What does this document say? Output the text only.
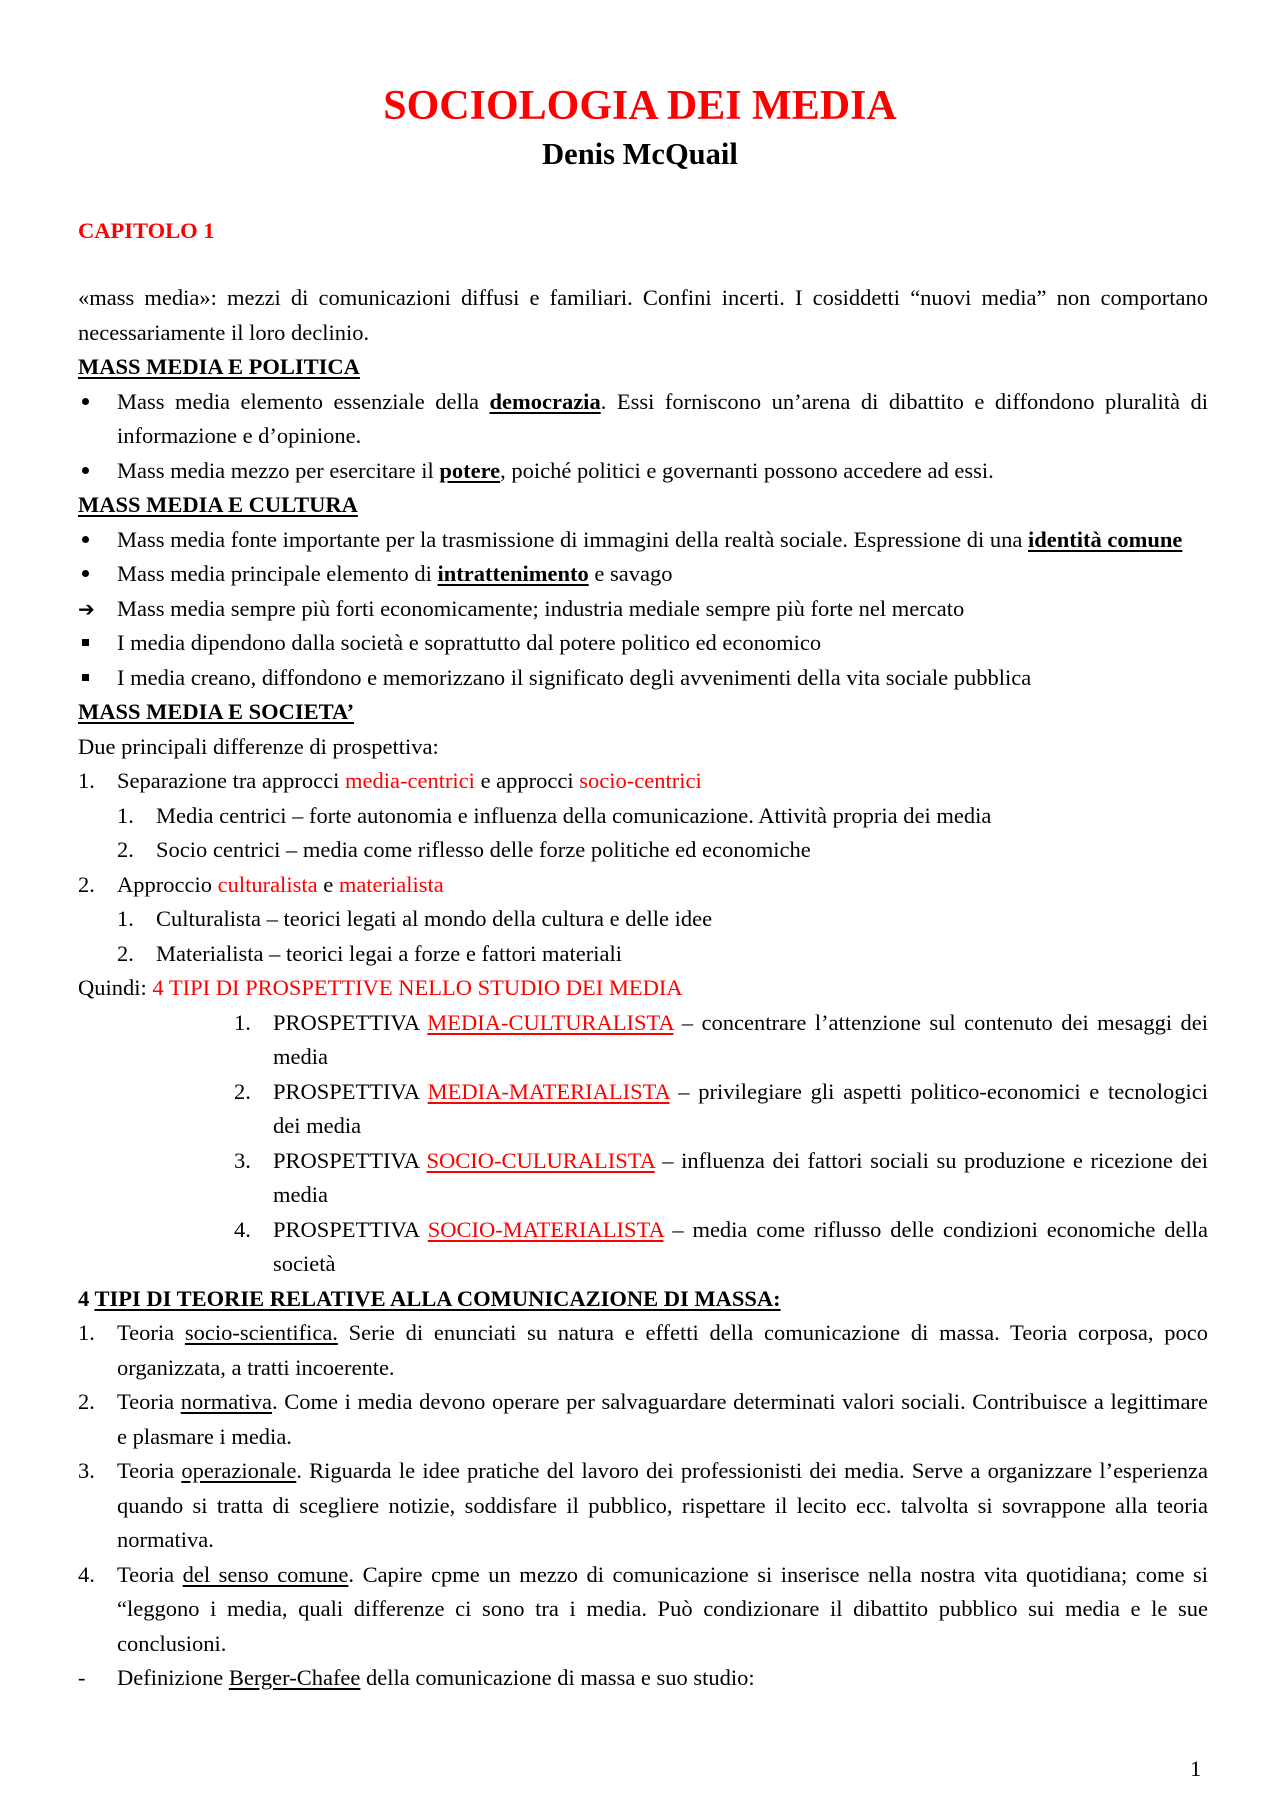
SOCIOLOGIA DEI MEDIA
Denis McQuail
CAPITOLO 1

«mass media»: mezzi di comunicazioni diffusi e familiari. Confini incerti. I cosiddetti “nuovi media” non comportano necessariamente il loro declinio.

MASS MEDIA E POLITICA

Mass media elemento essenziale della democrazia. Essi forniscono un’arena di dibattito e diffondono pluralità di informazione e d’opinione.
Mass media mezzo per esercitare il potere, poiché politici e governanti possono accedere ad essi.

MASS MEDIA E CULTURA

Mass media fonte importante per la trasmissione di immagini della realtà sociale. Espressione di una identità comune
Mass media principale elemento di intrattenimento e savago
➔ Mass media sempre più forti economicamente; industria mediale sempre più forte nel mercato
I media dipendono dalla società e soprattutto dal potere politico ed economico
I media creano, diffondono e memorizzano il significato degli avvenimenti della vita sociale pubblica

MASS MEDIA E SOCIETA’

Due principali differenze di prospettiva:

1. Separazione tra approcci media-centrici e approcci socio-centrici
1. Media centrici – forte autonomia e influenza della comunicazione. Attività propria dei media
2. Socio centrici – media come riflesso delle forze politiche ed economiche
2. Approccio culturalista e materialista
1. Culturalista – teorici legati al mondo della cultura e delle idee
2. Materialista – teorici legai a forze e fattori materiali

Quindi: 4 TIPI DI PROSPETTIVE NELLO STUDIO DEI MEDIA

1. PROSPETTIVA MEDIA-CULTURALISTA – concentrare l’attenzione sul contenuto dei mesaggi dei media
2. PROSPETTIVA MEDIA-MATERIALISTA – privilegiare gli aspetti politico-economici e tecnologici dei media
3. PROSPETTIVA SOCIO-CULURALISTA – influenza dei fattori sociali su produzione e ricezione dei media
4. PROSPETTIVA SOCIO-MATERIALISTA – media come riflusso delle condizioni economiche della società

4 TIPI DI TEORIE RELATIVE ALLA COMUNICAZIONE DI MASSA:

1. Teoria socio-scientifica. Serie di enunciati su natura e effetti della comunicazione di massa. Teoria corposa, poco organizzata, a tratti incoerente.
2. Teoria normativa. Come i media devono operare per salvaguardare determinati valori sociali. Contribuisce a legittimare e plasmare i media.
3. Teoria operazionale. Riguarda le idee pratiche del lavoro dei professionisti dei media. Serve a organizzare l’esperienza quando si tratta di scegliere notizie, soddisfare il pubblico, rispettare il lecito ecc. talvolta si sovrappone alla teoria normativa.
4. Teoria del senso comune. Capire cpme un mezzo di comunicazione si inserisce nella nostra vita quotidiana; come si “leggono i media, quali differenze ci sono tra i media. Può condizionare il dibattito pubblico sui media e le sue conclusioni.
-	Definizione Berger-Chafee della comunicazione di massa e suo studio:
1
